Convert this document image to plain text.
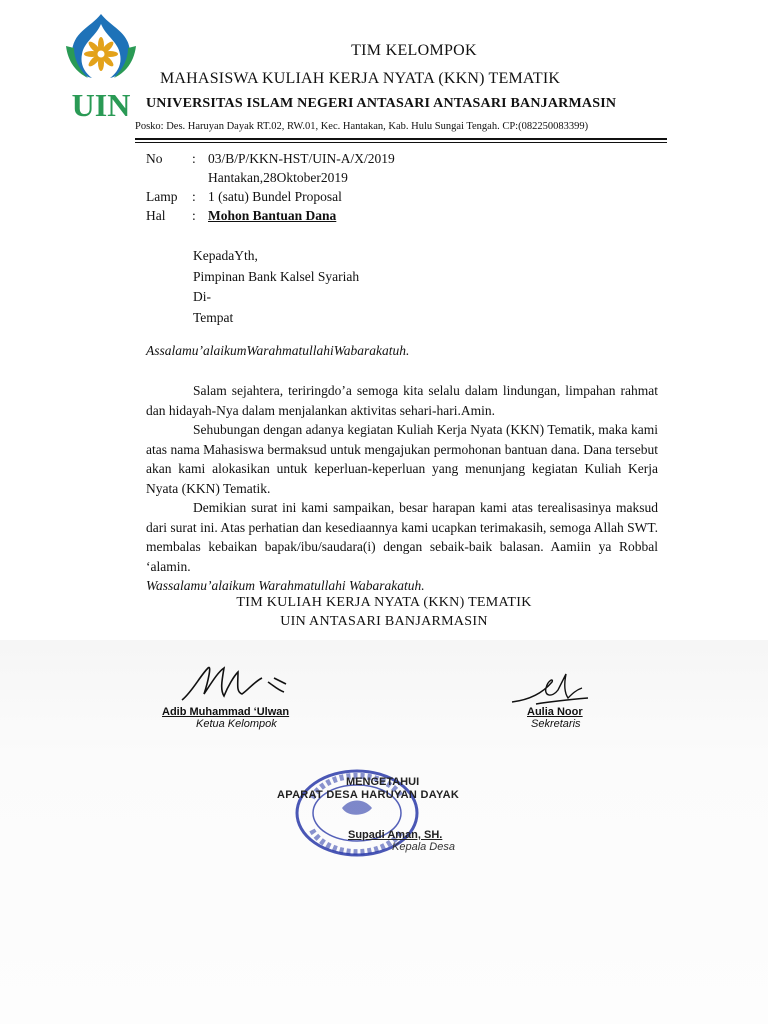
UIN
TIM KELOMPOK
MAHASISWA KULIAH KERJA NYATA (KKN) TEMATIK
UNIVERSITAS ISLAM NEGERI ANTASARI ANTASARI BANJARMASIN
Posko: Des. Haruyan Dayak RT.02, RW.01, Kec. Hantakan, Kab. Hulu Sungai Tengah. CP:(082250083399)
No : 03/B/P/KKN-HST/UIN-A/X/2019
Hantakan,28Oktober2019
Lamp : 1 (satu) Bundel Proposal
Hal : Mohon Bantuan Dana
KepadaYth,
Pimpinan Bank Kalsel Syariah
Di-
Tempat
Assalamu’alaikumWarahmatullahiWabarakatuh.

Salam sejahtera, teriringdo’a semoga kita selalu dalam lindungan, limpahan rahmat dan hidayah-Nya dalam menjalankan aktivitas sehari-hari.Amin.

Sehubungan dengan adanya kegiatan Kuliah Kerja Nyata (KKN) Tematik, maka kami atas nama Mahasiswa bermaksud untuk mengajukan permohonan bantuan dana. Dana tersebut akan kami alokasikan untuk keperluan-keperluan yang menunjang kegiatan Kuliah Kerja Nyata (KKN) Tematik.

Demikian surat ini kami sampaikan, besar harapan kami atas terealisasinya maksud dari surat ini. Atas perhatian dan kesediaannya kami ucapkan terimakasih, semoga Allah SWT. membalas kebaikan bapak/ibu/saudara(i) dengan sebaik-baik balasan. Aamiin ya Robbal ‘alamin.

Wassalamu’alaikum Warahmatullahi Wabarakatuh.

TIM KULIAH KERJA NYATA (KKN) TEMATIK
UIN ANTASARI BANJARMASIN
Adib Muhammad ‘Ulwan
Ketua Kelompok
Aulia Noor
Sekretaris
MENGETAHUI
APARAT DESA HARUYAN DAYAK
Supadi Aman, SH.
Kepala Desa
